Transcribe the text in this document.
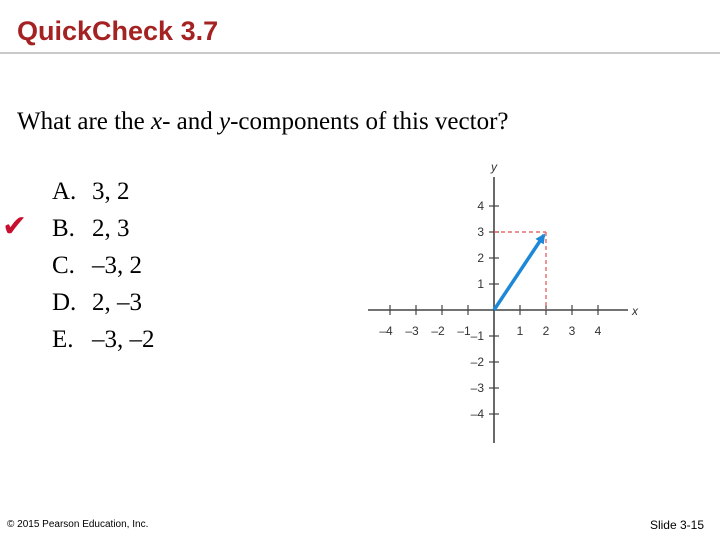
QuickCheck 3.7
What are the x- and y-components of this vector?
✔
A. 3, 2
B. 2, 3
C. –3, 2
D. 2, –3
E. –3, –2
x
y
–4 –3 –2 –1	1 2 3 4
4
3
2
1
–1
–2
–3
–4
© 2015 Pearson Education, Inc.	Slide 3-15
